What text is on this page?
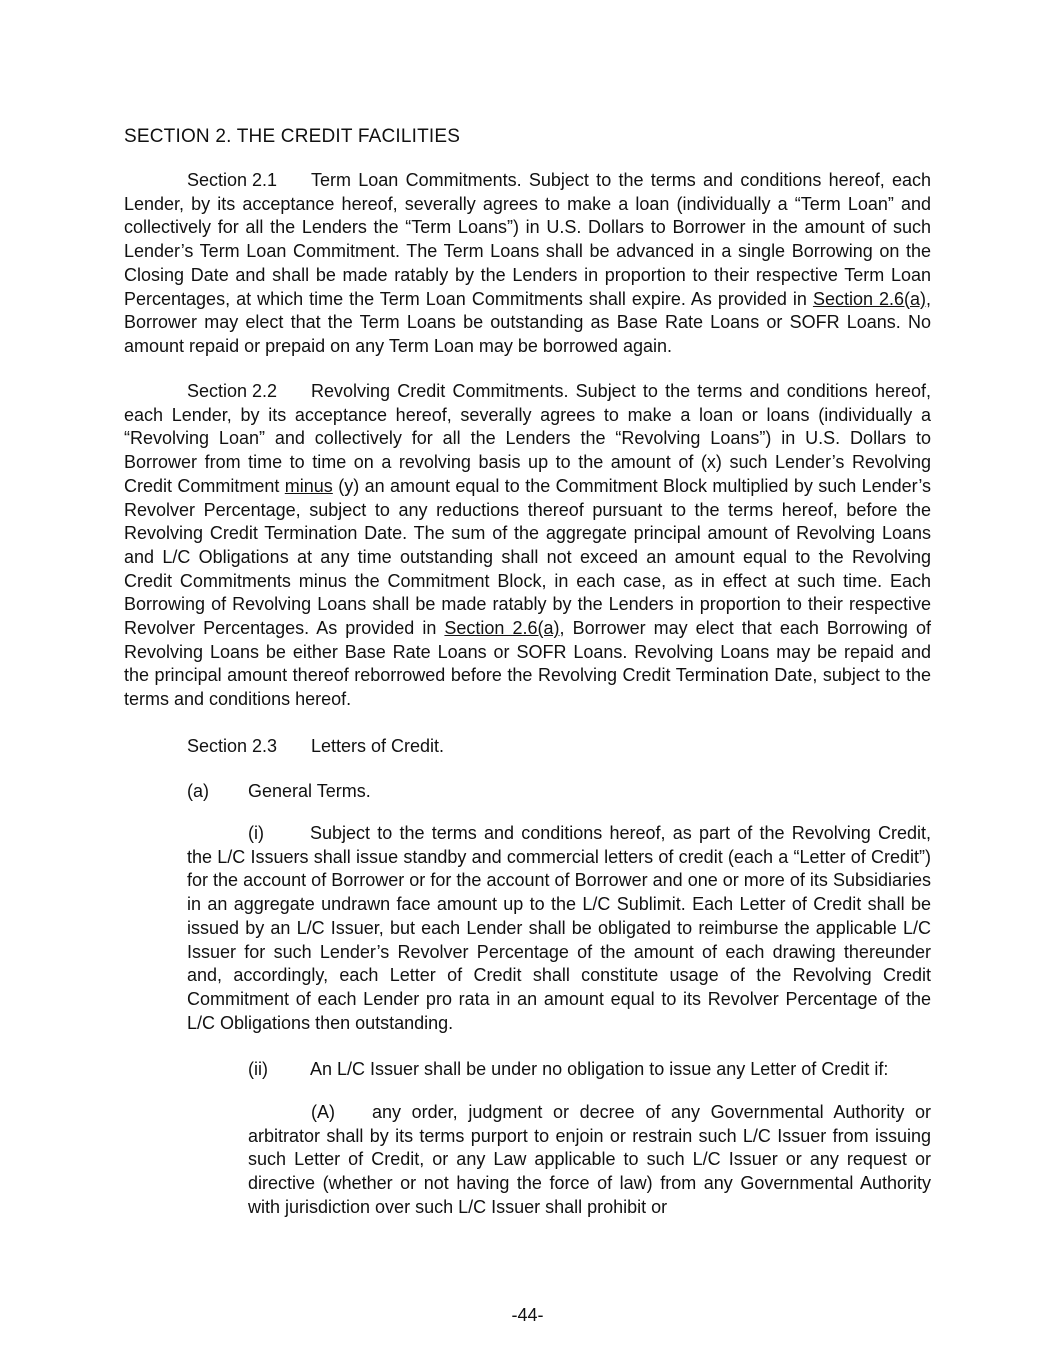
SECTION 2. THE CREDIT FACILITIES

Section 2.1 Term Loan Commitments. Subject to the terms and conditions hereof, each Lender, by its acceptance hereof, severally agrees to make a loan (individually a “Term Loan” and collectively for all the Lenders the “Term Loans”) in U.S. Dollars to Borrower in the amount of such Lender’s Term Loan Commitment. The Term Loans shall be advanced in a single Borrowing on the Closing Date and shall be made ratably by the Lenders in proportion to their respective Term Loan Percentages, at which time the Term Loan Commitments shall expire. As provided in Section 2.6(a), Borrower may elect that the Term Loans be outstanding as Base Rate Loans or SOFR Loans. No amount repaid or prepaid on any Term Loan may be borrowed again.

Section 2.2 Revolving Credit Commitments. Subject to the terms and conditions hereof, each Lender, by its acceptance hereof, severally agrees to make a loan or loans (individually a “Revolving Loan” and collectively for all the Lenders the “Revolving Loans”) in U.S. Dollars to Borrower from time to time on a revolving basis up to the amount of (x) such Lender’s Revolving Credit Commitment minus (y) an amount equal to the Commitment Block multiplied by such Lender’s Revolver Percentage, subject to any reductions thereof pursuant to the terms hereof, before the Revolving Credit Termination Date. The sum of the aggregate principal amount of Revolving Loans and L/C Obligations at any time outstanding shall not exceed an amount equal to the Revolving Credit Commitments minus the Commitment Block, in each case, as in effect at such time. Each Borrowing of Revolving Loans shall be made ratably by the Lenders in proportion to their respective Revolver Percentages. As provided in Section 2.6(a), Borrower may elect that each Borrowing of Revolving Loans be either Base Rate Loans or SOFR Loans. Revolving Loans may be repaid and the principal amount thereof reborrowed before the Revolving Credit Termination Date, subject to the terms and conditions hereof.

Section 2.3 Letters of Credit.
(a) General Terms.

(i)	Subject to the terms and conditions hereof, as part of the Revolving Credit, the L/C Issuers shall issue standby and commercial letters of credit (each a “Letter of Credit”) for the account of Borrower or for the account of Borrower and one or more of its Subsidiaries in an aggregate undrawn face amount up to the L/C Sublimit. Each Letter of Credit shall be issued by an L/C Issuer, but each Lender shall be obligated to reimburse the applicable L/C Issuer for such Lender’s Revolver Percentage of the amount of each drawing thereunder and, accordingly, each Letter of Credit shall constitute usage of the Revolving Credit Commitment of each Lender pro rata in an amount equal to its Revolver Percentage of the L/C Obligations then outstanding.

(ii) An L/C Issuer shall be under no obligation to issue any Letter of Credit if:

(A) any order, judgment or decree of any Governmental Authority or arbitrator shall by its terms purport to enjoin or restrain such L/C Issuer from issuing such Letter of Credit, or any Law applicable to such L/C Issuer or any request or directive (whether or not having the force of law) from any Governmental Authority with jurisdiction over such L/C Issuer shall prohibit or

-44-
